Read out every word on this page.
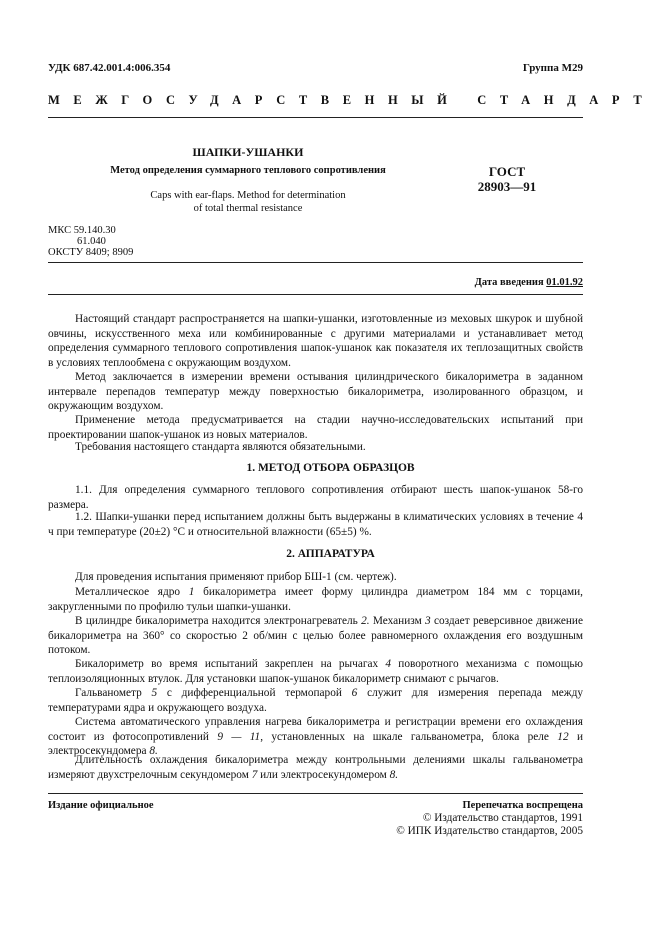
УДК 687.42.001.4:006.354	Группа М29
МЕЖГОСУДАРСТВЕННЫЙ СТАНДАРТ
ШАПКИ-УШАНКИ
Метод определения суммарного теплового сопротивления
Caps with ear-flaps. Method for determination
of total thermal resistance
ГОСТ
28903—91
МКС 59.140.30
61.040
ОКСТУ 8409; 8909
Дата введения 01.01.92

Настоящий стандарт распространяется на шапки-ушанки, изготовленные из меховых шкурок и шубной овчины, искусственного меха или комбинированные с другими материалами и устанавливает метод определения суммарного теплового сопротивления шапок-ушанок как показателя их теплозащитных свойств в условиях теплообмена с окружающим воздухом.

Метод заключается в измерении времени остывания цилиндрического бикалориметра в заданном интервале перепадов температур между поверхностью бикалориметра, изолированного образцом, и окружающим воздухом.

Применение метода предусматривается на стадии научно-исследовательских испытаний при проектировании шапок-ушанок из новых материалов.

Требования настоящего стандарта являются обязательными.

1. МЕТОД ОТБОРА ОБРАЗЦОВ

1.1. Для определения суммарного теплового сопротивления отбирают шесть шапок-ушанок 58-го размера.

1.2. Шапки-ушанки перед испытанием должны быть выдержаны в климатических условиях в течение 4 ч при температуре (20±2) °С и относительной влажности (65±5) %.

2. АППАРАТУРА

Для проведения испытания применяют прибор БШ-1 (см. чертеж).

Металлическое ядро 1 бикалориметра имеет форму цилиндра диаметром 184 мм с торцами, закругленными по профилю тульи шапки-ушанки.

В цилиндре бикалориметра находится электронагреватель 2. Механизм 3 создает реверсивное движение бикалориметра на 360° со скоростью 2 об/мин с целью более равномерного охлаждения его воздушным потоком.

Бикалориметр во время испытаний закреплен на рычагах 4 поворотного механизма с помощью теплоизоляционных втулок. Для установки шапок-ушанок бикалориметр снимают с рычагов.

Гальванометр 5 с дифференциальной термопарой 6 служит для измерения перепада между температурами ядра и окружающего воздуха.

Система автоматического управления нагрева бикалориметра и регистрации времени его охлаждения состоит из фотосопротивлений 9 — 11, установленных на шкале гальванометра, блока реле 12 и электросекундомера 8.

Длительность охлаждения бикалориметра между контрольными делениями шкалы гальванометра измеряют двухстрелочным секундомером 7 или электросекундомером 8.

Издание официальное	Перепечатка воспрещена
© Издательство стандартов, 1991
© ИПК Издательство стандартов, 2005
